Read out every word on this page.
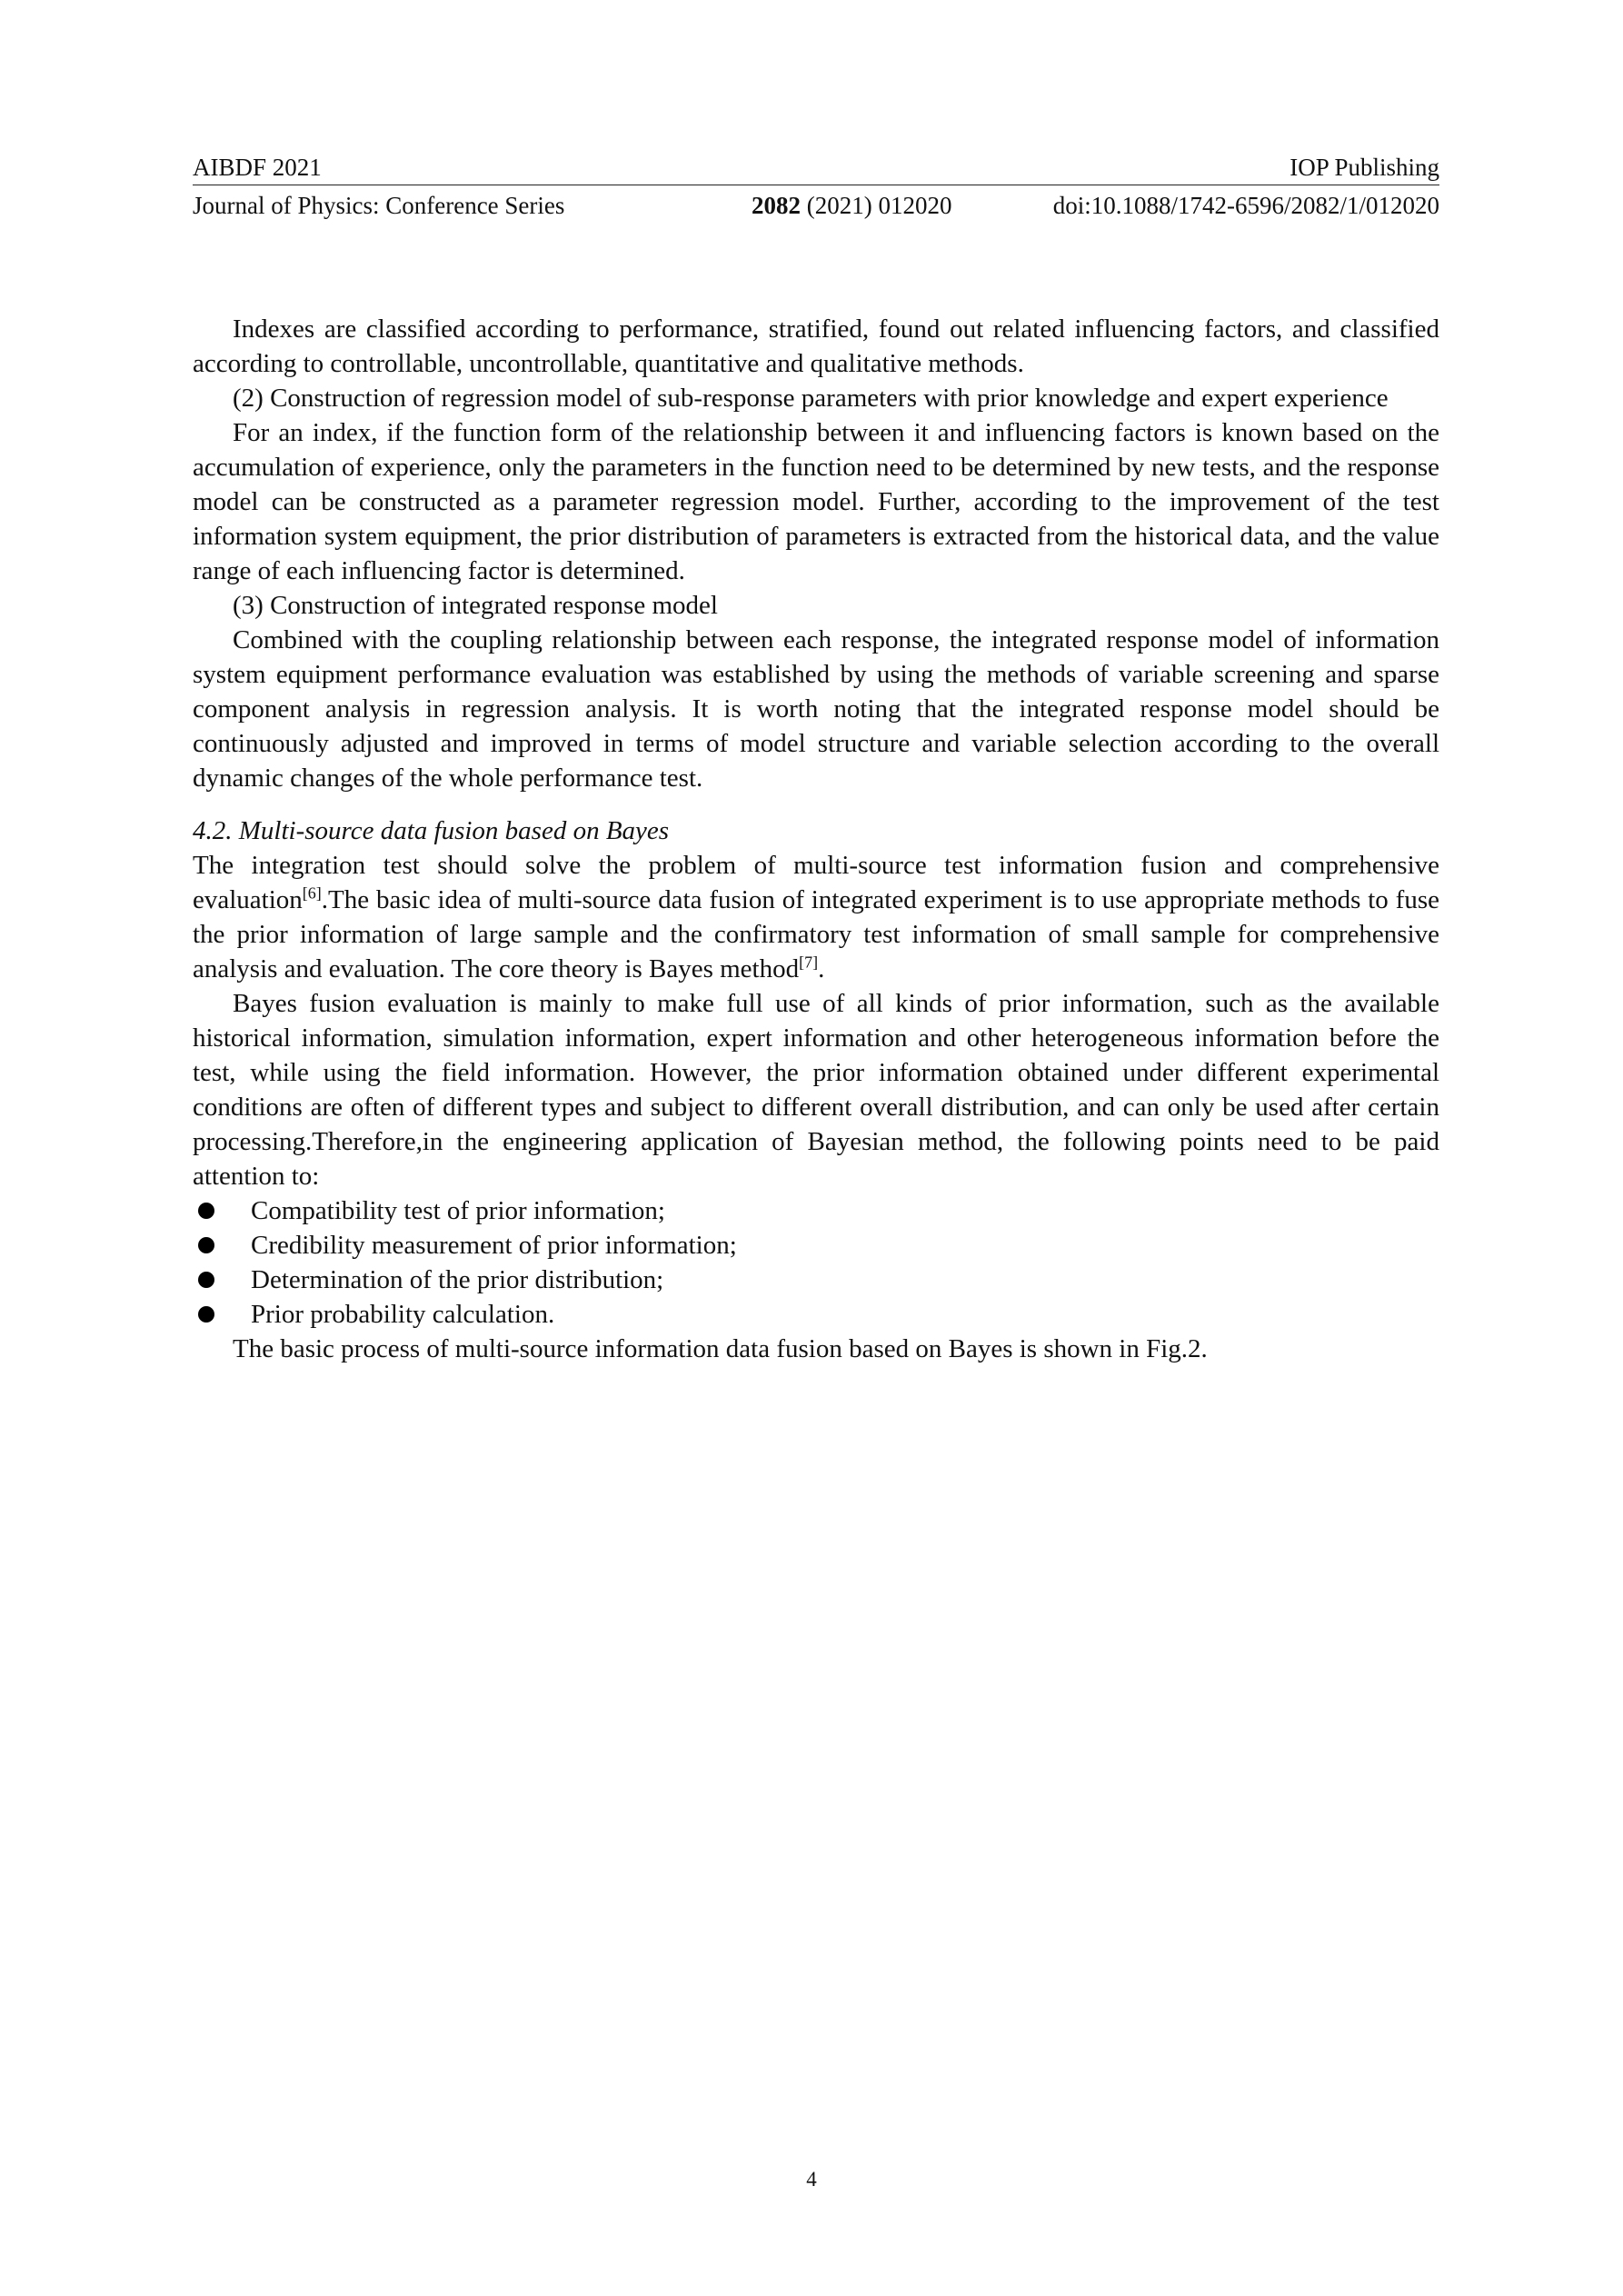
AIBDF 2021	IOP Publishing
Journal of Physics: Conference Series	2082 (2021) 012020	doi:10.1088/1742-6596/2082/1/012020

Indexes are classified according to performance, stratified, found out related influencing factors, and classified according to controllable, uncontrollable, quantitative and qualitative methods.

(2) Construction of regression model of sub-response parameters with prior knowledge and expert experience

For an index, if the function form of the relationship between it and influencing factors is known based on the accumulation of experience, only the parameters in the function need to be determined by new tests, and the response model can be constructed as a parameter regression model. Further, according to the improvement of the test information system equipment, the prior distribution of parameters is extracted from the historical data, and the value range of each influencing factor is determined.

(3) Construction of integrated response model

Combined with the coupling relationship between each response, the integrated response model of information system equipment performance evaluation was established by using the methods of variable screening and sparse component analysis in regression analysis. It is worth noting that the integrated response model should be continuously adjusted and improved in terms of model structure and variable selection according to the overall dynamic changes of the whole performance test.

4.2. Multi-source data fusion based on Bayes

The integration test should solve the problem of multi-source test information fusion and comprehensive evaluation[6].The basic idea of multi-source data fusion of integrated experiment is to use appropriate methods to fuse the prior information of large sample and the confirmatory test information of small sample for comprehensive analysis and evaluation. The core theory is Bayes method[7].

Bayes fusion evaluation is mainly to make full use of all kinds of prior information, such as the available historical information, simulation information, expert information and other heterogeneous information before the test, while using the field information. However, the prior information obtained under different experimental conditions are often of different types and subject to different overall distribution, and can only be used after certain processing.Therefore,in the engineering application of Bayesian method, the following points need to be paid attention to:

Compatibility test of prior information;
Credibility measurement of prior information;
Determination of the prior distribution;
Prior probability calculation.

The basic process of multi-source information data fusion based on Bayes is shown in Fig.2.

4
